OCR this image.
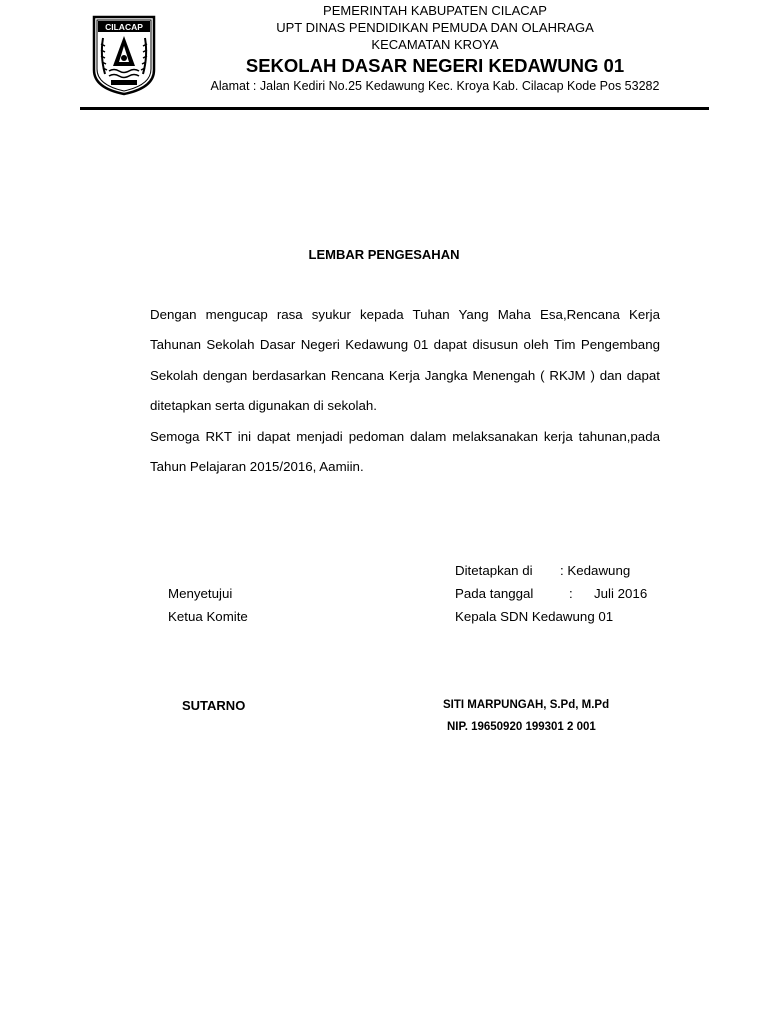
CILACAP
PEMERINTAH KABUPATEN CILACAP
UPT DINAS PENDIDIKAN PEMUDA DAN OLAHRAGA
KECAMATAN KROYA
SEKOLAH DASAR NEGERI KEDAWUNG 01
Alamat : Jalan Kediri No.25 Kedawung Kec. Kroya Kab. Cilacap Kode Pos 53282
LEMBAR PENGESAHAN

Dengan mengucap rasa syukur kepada Tuhan Yang Maha Esa,Rencana Kerja Tahunan Sekolah Dasar Negeri Kedawung 01 dapat disusun oleh Tim Pengembang Sekolah dengan berdasarkan Rencana Kerja Jangka Menengah ( RKJM ) dan dapat ditetapkan serta digunakan di sekolah.

Semoga RKT ini dapat menjadi pedoman dalam melaksanakan kerja tahunan,pada Tahun Pelajaran 2015/2016, Aamiin.

Menyetujui
Ketua Komite
Ditetapkan di : Kedawung
Pada tanggal	: Juli 2016
Kepala SDN Kedawung 01
SUTARNO	SITI MARPUNGAH, S.Pd, M.Pd
NIP. 19650920 199301 2 001
